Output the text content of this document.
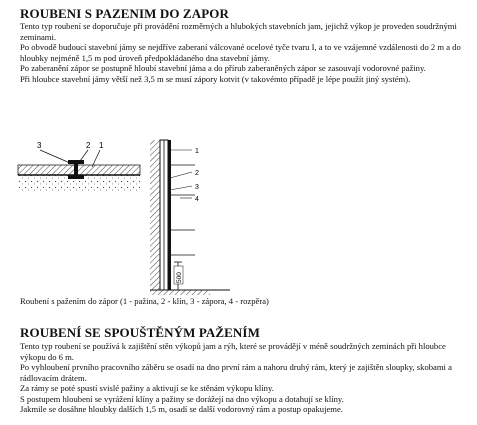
ROUBENI S PAZENIM DO ZAPOR

Tento typ roubení se doporučuje při provádění rozměrných a hlubokých stavebních jam, jejichž výkop je proveden soudržnými zeminami.

Po obvodě budoucí stavební jámy se nejdříve zaberaní válcované ocelové tyče tvaru I, a to ve vzájemné vzdálenosti do 2 m a do hloubky nejméně 1,5 m pod úroveň předpokládaného dna stavební jámy.

Po zaberanění zápor se postupně hloubí stavební jáma a do přírub zaberaněných zápor se zasouvají vodorovné pažiny.

Při hloubce stavební jámy větší než 3,5 m se musí zápory kotvit (v takovémto případě je lépe použít jiný systém).

3	2 1
500
1
2
3
4
Roubení s pažením do zápor (1 - pažina, 2 - klín, 3 - zápora, 4 - rozpěra)
ROUBENÍ SE SPOUŠTĚNÝM PAŽENÍM

Tento typ roubení se používá k zajištění stěn výkopů jam a rýh, které se provádějí v méně soudržných zeminách při hloubce výkopu do 6 m.

Po vyhloubení prvního pracovního záběru se osadí na dno první rám a nahoru druhý rám, který je zajištěn sloupky, skobami a rádlovacím drátem.

Za rámy se poté spustí svislé pažiny a aktivují se ke stěnám výkopu klíny.

S postupem hloubení se vyrážení klíny a pažiny se dorážejí na dno výkopu a dotahují se klíny.

Jakmile se dosáhne hloubky dalších 1,5 m, osadí se další vodorovný rám a postup opakujeme.
